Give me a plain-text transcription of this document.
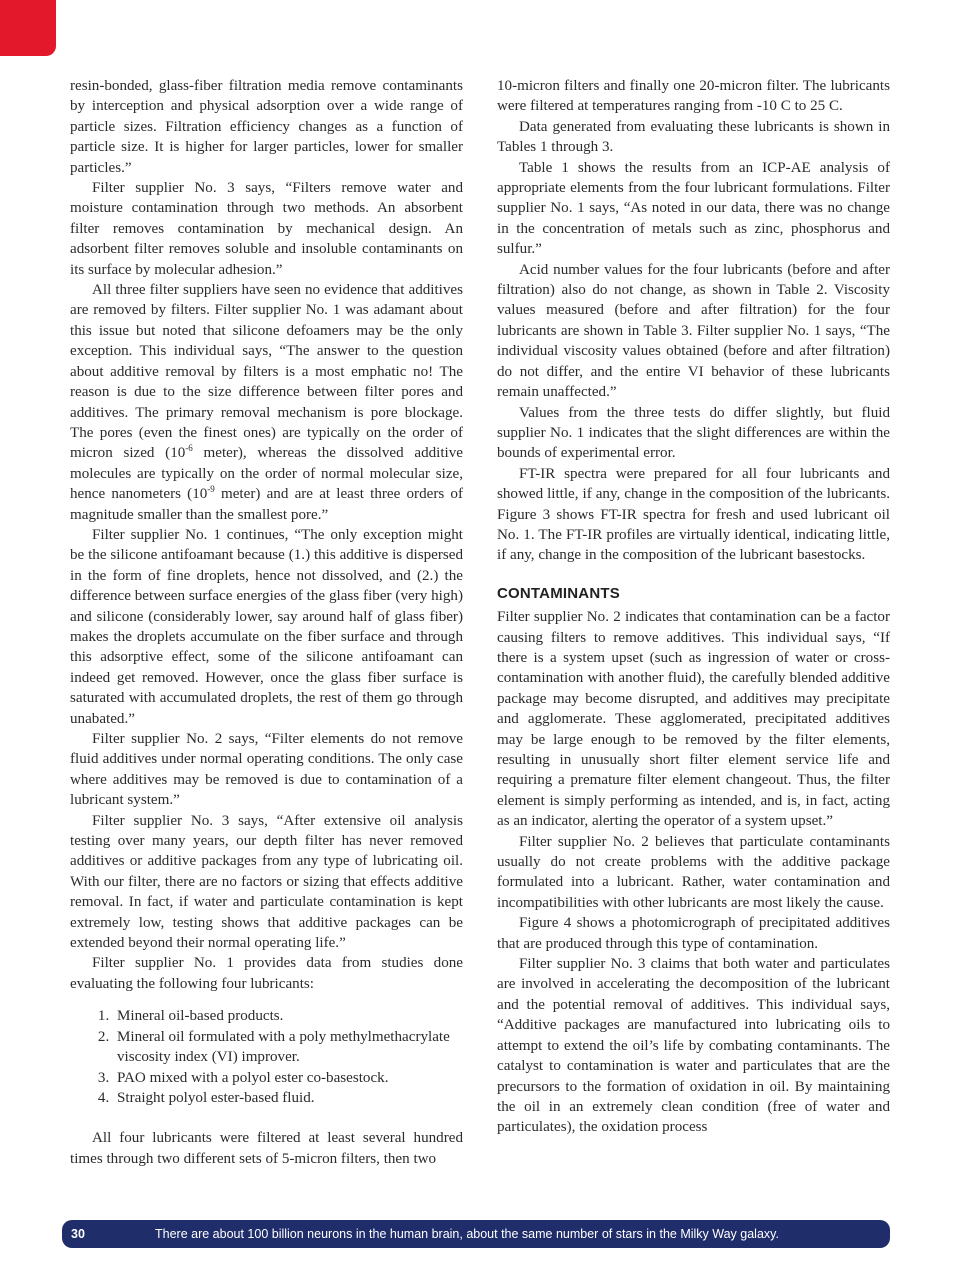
resin-bonded, glass-fiber filtration media remove contaminants by interception and physical adsorption over a wide range of particle sizes. Filtration efficiency changes as a function of particle size. It is higher for larger particles, lower for smaller particles.”

Filter supplier No. 3 says, “Filters remove water and moisture contamination through two methods. An absorbent filter removes contamination by mechanical design. An adsorbent filter removes soluble and insoluble contaminants on its surface by molecular adhesion.”

All three filter suppliers have seen no evidence that additives are removed by filters. Filter supplier No. 1 was adamant about this issue but noted that silicone defoamers may be the only exception. This individual says, “The answer to the question about additive removal by filters is a most emphatic no! The reason is due to the size difference between filter pores and additives. The primary removal mechanism is pore blockage. The pores (even the finest ones) are typically on the order of micron sized ($10^{-6}$ meter), whereas the dissolved additive molecules are typically on the order of normal molecular size, hence nanometers ($10^{-9}$ meter) and are at least three orders of magnitude smaller than the smallest pore.”

Filter supplier No. 1 continues, “The only exception might be the silicone antifoamant because (1.) this additive is dispersed in the form of fine droplets, hence not dissolved, and (2.) the difference between surface energies of the glass fiber (very high) and silicone (considerably lower, say around half of glass fiber) makes the droplets accumulate on the fiber surface and through this adsorptive effect, some of the silicone antifoamant can indeed get removed. However, once the glass fiber surface is saturated with accumulated droplets, the rest of them go through unabated.”

Filter supplier No. 2 says, “Filter elements do not remove fluid additives under normal operating conditions. The only case where additives may be removed is due to contamination of a lubricant system.”

Filter supplier No. 3 says, “After extensive oil analysis testing over many years, our depth filter has never removed additives or additive packages from any type of lubricating oil. With our filter, there are no factors or sizing that effects additive removal. In fact, if water and particulate contamination is kept extremely low, testing shows that additive packages can be extended beyond their normal operating life.”

Filter supplier No. 1 provides data from studies done evaluating the following four lubricants:

1. Mineral oil-based products.
2. Mineral oil formulated with a poly methylmethacrylate viscosity index (VI) improver.
3. PAO mixed with a polyol ester co-basestock.
4. Straight polyol ester-based fluid.

All four lubricants were filtered at least several hundred times through two different sets of 5-micron filters, then two

10-micron filters and finally one 20-micron filter. The lubricants were filtered at temperatures ranging from -10 C to 25 C.

Data generated from evaluating these lubricants is shown in Tables 1 through 3.

Table 1 shows the results from an ICP-AE analysis of appropriate elements from the four lubricant formulations. Filter supplier No. 1 says, “As noted in our data, there was no change in the concentration of metals such as zinc, phosphorus and sulfur.”

Acid number values for the four lubricants (before and after filtration) also do not change, as shown in Table 2. Viscosity values measured (before and after filtration) for the four lubricants are shown in Table 3. Filter supplier No. 1 says, “The individual viscosity values obtained (before and after filtration) do not differ, and the entire VI behavior of these lubricants remain unaffected.”

Values from the three tests do differ slightly, but fluid supplier No. 1 indicates that the slight differences are within the bounds of experimental error.

FT-IR spectra were prepared for all four lubricants and showed little, if any, change in the composition of the lubricants. Figure 3 shows FT-IR spectra for fresh and used lubricant oil No. 1. The FT-IR profiles are virtually identical, indicating little, if any, change in the composition of the lubricant basestocks.

CONTAMINANTS

Filter supplier No. 2 indicates that contamination can be a factor causing filters to remove additives. This individual says, “If there is a system upset (such as ingression of water or cross-contamination with another fluid), the carefully blended additive package may become disrupted, and additives may precipitate and agglomerate. These agglomerated, precipitated additives may be large enough to be removed by the filter elements, resulting in unusually short filter element service life and requiring a premature filter element changeout. Thus, the filter element is simply performing as intended, and is, in fact, acting as an indicator, alerting the operator of a system upset.”

Filter supplier No. 2 believes that particulate contaminants usually do not create problems with the additive package formulated into a lubricant. Rather, water contamination and incompatibilities with other lubricants are most likely the cause.

Figure 4 shows a photomicrograph of precipitated additives that are produced through this type of contamination.

Filter supplier No. 3 claims that both water and particulates are involved in accelerating the decomposition of the lubricant and the potential removal of additives. This individual says, “Additive packages are manufactured into lubricating oils to attempt to extend the oil’s life by combating contaminants. The catalyst to contamination is water and particulates that are the precursors to the formation of oxidation in oil. By maintaining the oil in an extremely clean condition (free of water and particulates), the oxidation process

30	There are about 100 billion neurons in the human brain, about the same number of stars in the Milky Way galaxy.
